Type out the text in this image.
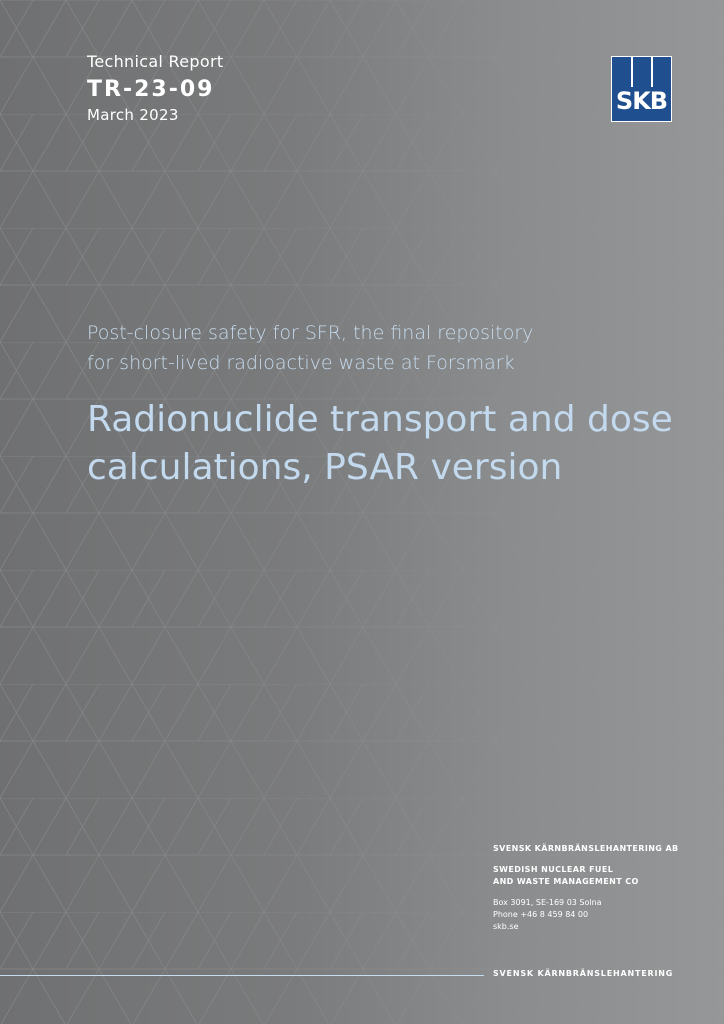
Technical Report
TR-23-09
March 2023	SKB
Post-closure safety for SFR, the final repository
for short-lived radioactive waste at Forsmark
Radionuclide transport and dose
calculations, PSAR version
SVENSK KÄRNBRÄNSLEHANTERING AB
SWEDISH NUCLEAR FUEL
AND WASTE MANAGEMENT CO
Box 3091, SE-169 03 Solna
Phone +46 8 459 84 00
skb.se
SVENSK KÄRNBRÄNSLEHANTERING
